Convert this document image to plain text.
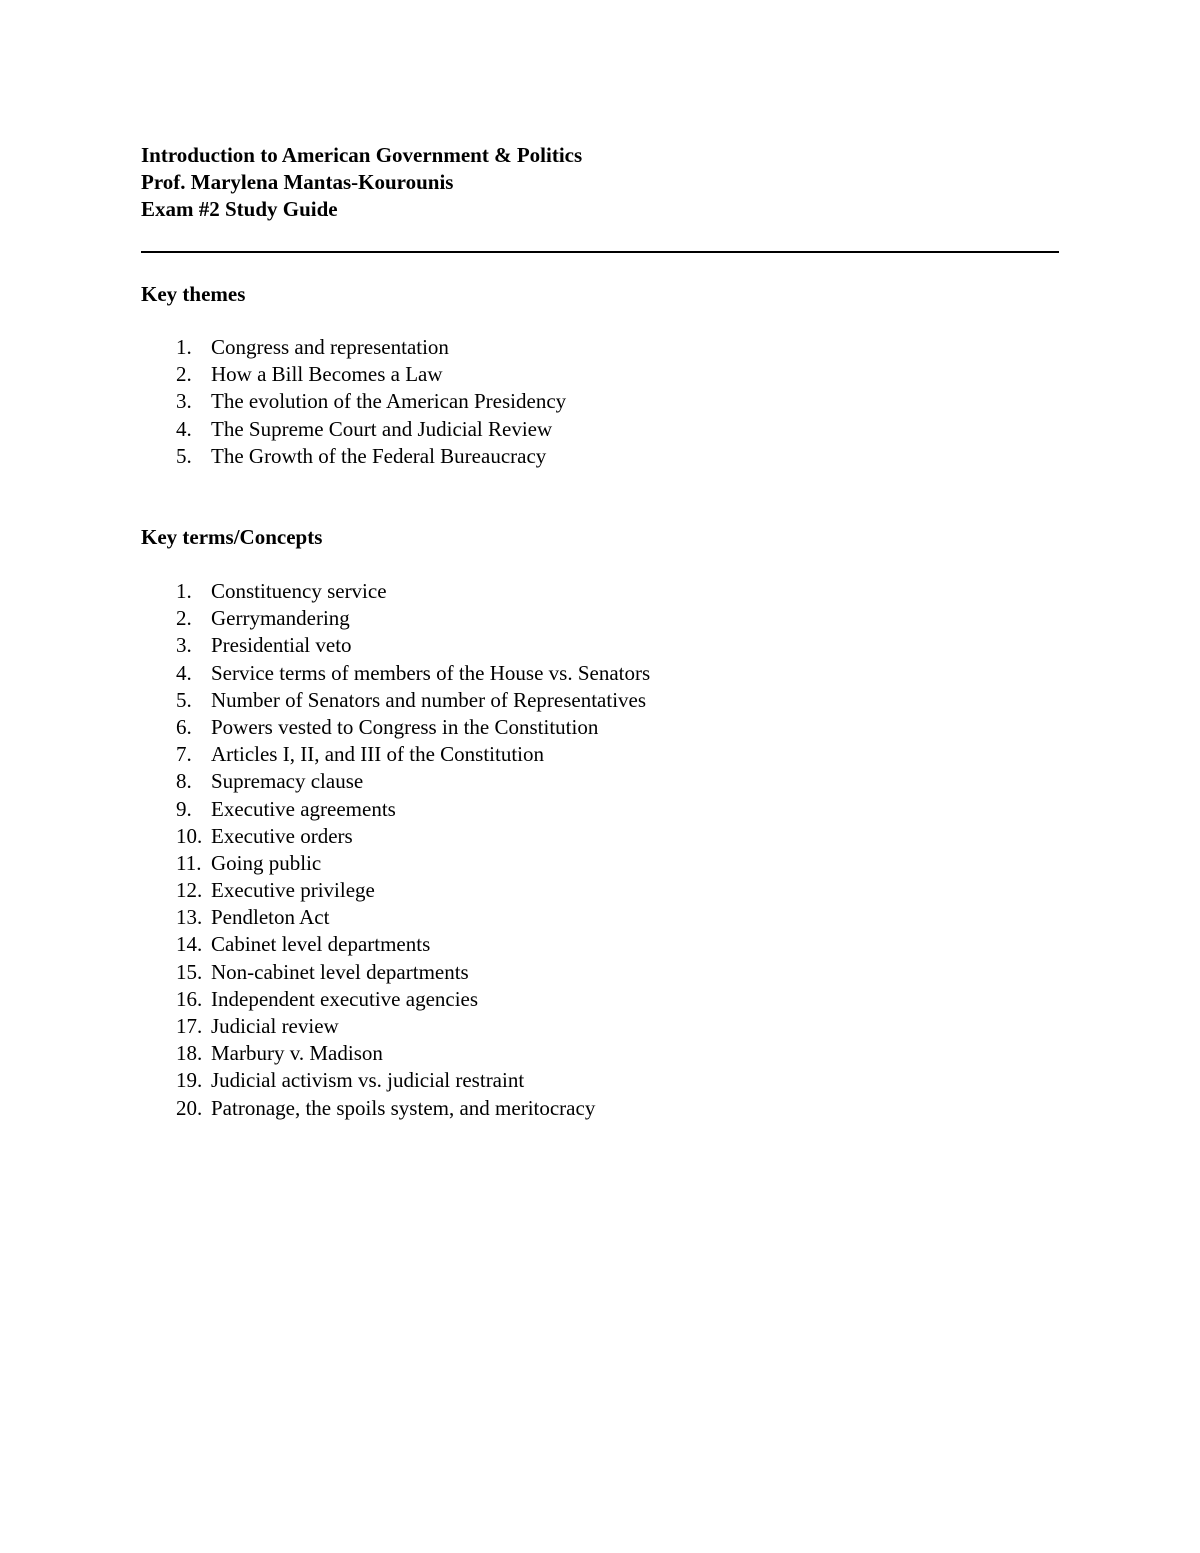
Introduction to American Government & Politics
Prof. Marylena Mantas-Kourounis
Exam #2 Study Guide
Key themes
1. Congress and representation
2. How a Bill Becomes a Law
3. The evolution of the American Presidency
4. The Supreme Court and Judicial Review
5. The Growth of the Federal Bureaucracy
Key terms/Concepts
1. Constituency service
2. Gerrymandering
3. Presidential veto
4. Service terms of members of the House vs. Senators
5. Number of Senators and number of Representatives
6. Powers vested to Congress in the Constitution
7. Articles I, II, and III of the Constitution
8. Supremacy clause
9. Executive agreements
10. Executive orders
11. Going public
12. Executive privilege
13. Pendleton Act
14. Cabinet level departments
15. Non-cabinet level departments
16. Independent executive agencies
17. Judicial review
18. Marbury v. Madison
19. Judicial activism vs. judicial restraint
20. Patronage, the spoils system, and meritocracy
